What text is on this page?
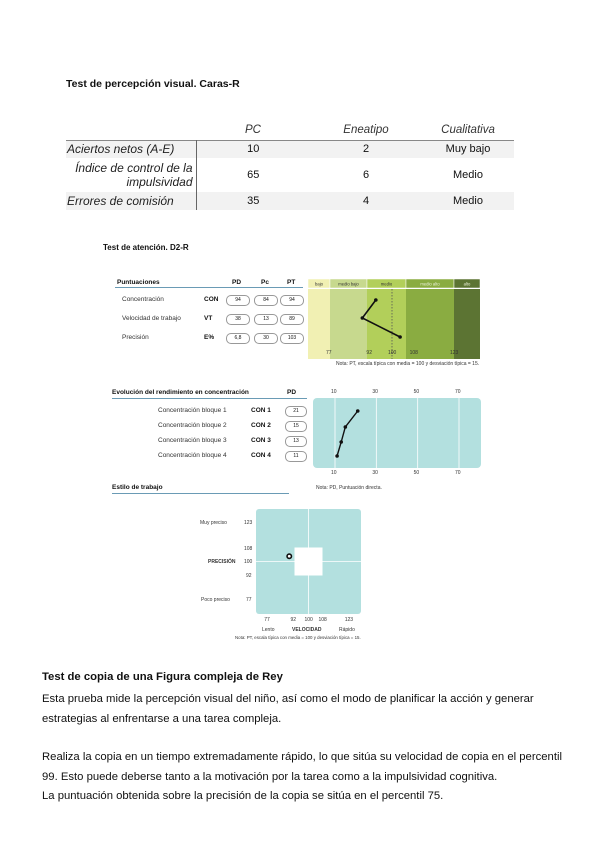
Test de percepción visual. Caras-R
	PC	Eneatipo	Cualitativa
Aciertos netos (A-E)	10	2	Muy bajo
Índice de control de la impulsividad	65	6	Medio
Errores de comisión	35	4	Medio
Test de atención. D2-R
Puntuaciones	PD	Pc	PT
Concentración	CON	94	84	94
Velocidad de trabajo	VT	38	13	89
Precisión	E%	6,8	30	103
bajo	medio bajo	medio	medio alto	alto
77	92	100	108	123
Nota: PT, escala típica con media = 100 y desviación típica = 15.
Evolución del rendimiento en concentración	PD
Concentración bloque 1	CON 1	21
Concentración bloque 2	CON 2	15
Concentración bloque 3	CON 3	13
Concentración bloque 4	CON 4	11
10	30	50	70
10	30	50	70
Nota: PD, Puntuación directa.
Estilo de trabajo
Muy preciso	123
108
PRECISIÓN 100
92
Poco preciso	77
77	92 100 108	123
Lento	VELOCIDAD	Rápido
Nota: PT, escala típica con media = 100 y desviación típica = 15.
Test de copia de una Figura compleja de Rey
Esta prueba mide la percepción visual del niño, así como el modo de planificar la acción y generar
estrategias al enfrentarse a una tarea compleja.
Realiza la copia en un tiempo extremadamente rápido, lo que sitúa su velocidad de copia en el percentil
99. Esto puede deberse tanto a la motivación por la tarea como a la impulsividad cognitiva.
La puntuación obtenida sobre la precisión de la copia se sitúa en el percentil 75.
